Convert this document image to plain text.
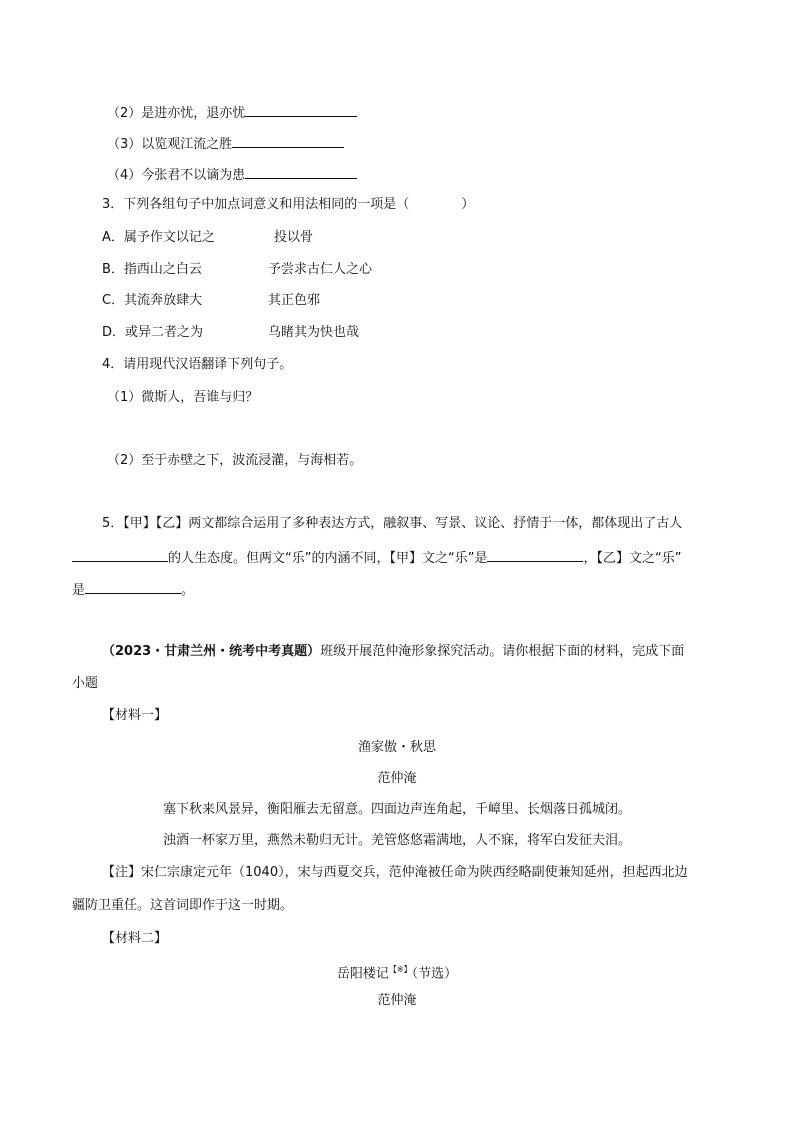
（2）是进亦忧，退亦忧
（3）以览观江流之胜
（4）今张君不以谪为患
3．下列各组句子中加点词意义和用法相同的一项是（　　　　）
A．属予作文以记之	投以骨
B．指西山之白云	予尝求古仁人之心
C．其流奔放肆大	其正色邪
D．或异二者之为	乌睹其为快也哉
4．请用现代汉语翻译下列句子。
（1）微斯人，吾谁与归？
（2）至于赤壁之下，波流浸灌，与海相若。
5．【甲】【乙】两文都综合运用了多种表达方式，融叙事、写景、议论、抒情于一体，都体现出了古人
的人生态度。但两文“乐”的内涵不同，【甲】文之“乐”是	，【乙】文之“乐”
是	。
（2023・甘肃兰州・统考中考真题）班级开展范仲淹形象探究活动。请你根据下面的材料，完成下面
小题
【材料一】
渔家傲・秋思
范仲淹
塞下秋来风景异，衡阳雁去无留意。四面边声连角起，千嶂里、长烟落日孤城闭。
浊酒一杯家万里，燕然未勒归无计。羌管悠悠霜满地，人不寐，将军白发征夫泪。
【注】宋仁宗康定元年（1040），宋与西夏交兵，范仲淹被任命为陕西经略副使兼知延州，担起西北边
疆防卫重任。这首词即作于这一时期。
【材料二】
岳阳楼记【※】（节选）
范仲淹
